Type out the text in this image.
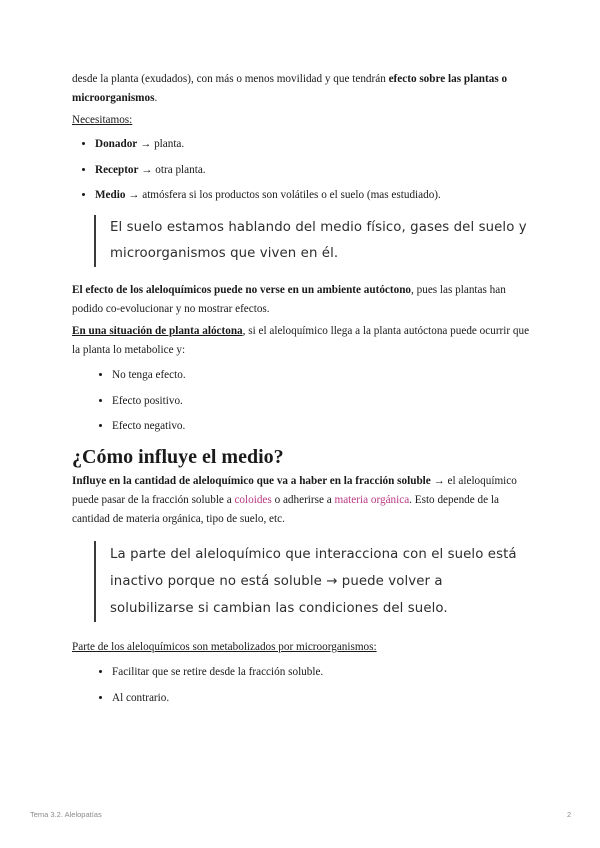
desde la planta (exudados), con más o menos movilidad y que tendrán efecto sobre las plantas o microorganismos.

Necesitamos:

• Donador → planta.
• Receptor → otra planta.
• Medio → atmósfera si los productos son volátiles o el suelo (mas estudiado).
El suelo estamos hablando del medio físico, gases del suelo y microorganismos que viven en él.

El efecto de los aleloquímicos puede no verse en un ambiente autóctono, pues las plantas han podido co-evolucionar y no mostrar efectos.

En una situación de planta alóctona, si el aleloquímico llega a la planta autóctona puede ocurrir que la planta lo metabolice y:

• No tenga efecto.
• Efecto positivo.
• Efecto negativo.
¿Cómo influye el medio?

Influye en la cantidad de aleloquímico que va a haber en la fracción soluble → el aleloquímico puede pasar de la fracción soluble a coloides o adherirse a materia orgánica. Esto depende de la cantidad de materia orgánica, tipo de suelo, etc.

La parte del aleloquímico que interacciona con el suelo está inactivo porque no está soluble → puede volver a solubilizarse si cambian las condiciones del suelo.

Parte de los aleloquímicos son metabolizados por microorganismos:

• Facilitar que se retire desde la fracción soluble.
• Al contrario.
Tema 3.2. Alelopatías	2
